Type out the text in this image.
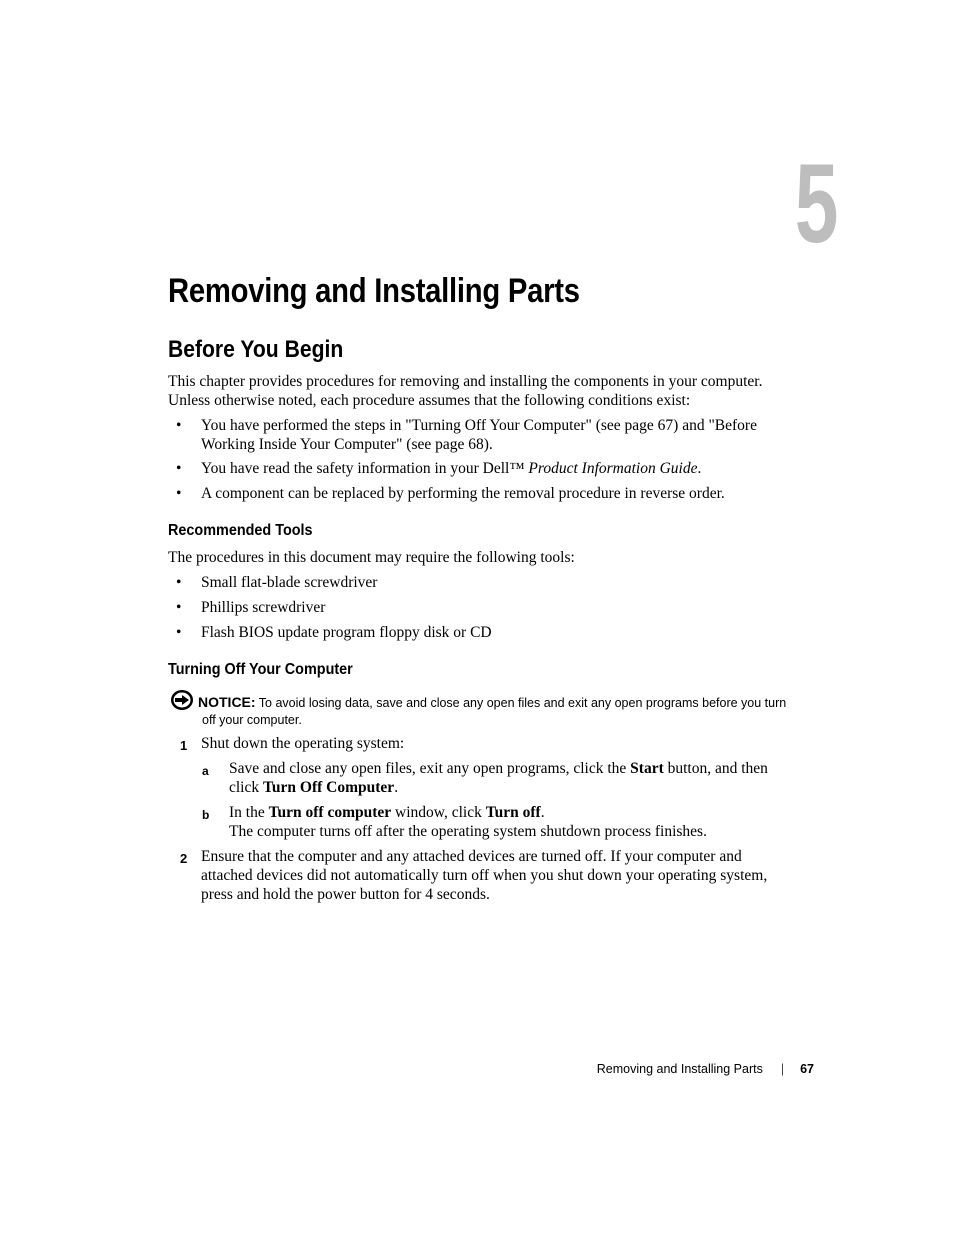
5
Removing and Installing Parts
Before You Begin
This chapter provides procedures for removing and installing the components in your computer.
Unless otherwise noted, each procedure assumes that the following conditions exist:
• You have performed the steps in "Turning Off Your Computer" (see page 67) and "Before
Working Inside Your Computer" (see page 68).
• You have read the safety information in your Dell™ Product Information Guide.
• A component can be replaced by performing the removal procedure in reverse order.
Recommended Tools
The procedures in this document may require the following tools:
• Small flat-blade screwdriver
• Phillips screwdriver
• Flash BIOS update program floppy disk or CD
Turning Off Your Computer
NOTICE: To avoid losing data, save and close any open files and exit any open programs before you turn
off your computer.
1 Shut down the operating system:
a Save and close any open files, exit any open programs, click the Start button, and then
click Turn Off Computer.
b In the Turn off computer window, click Turn off.
The computer turns off after the operating system shutdown process finishes.
2 Ensure that the computer and any attached devices are turned off. If your computer and
attached devices did not automatically turn off when you shut down your operating system,
press and hold the power button for 4 seconds.
Removing and Installing Parts | 67
